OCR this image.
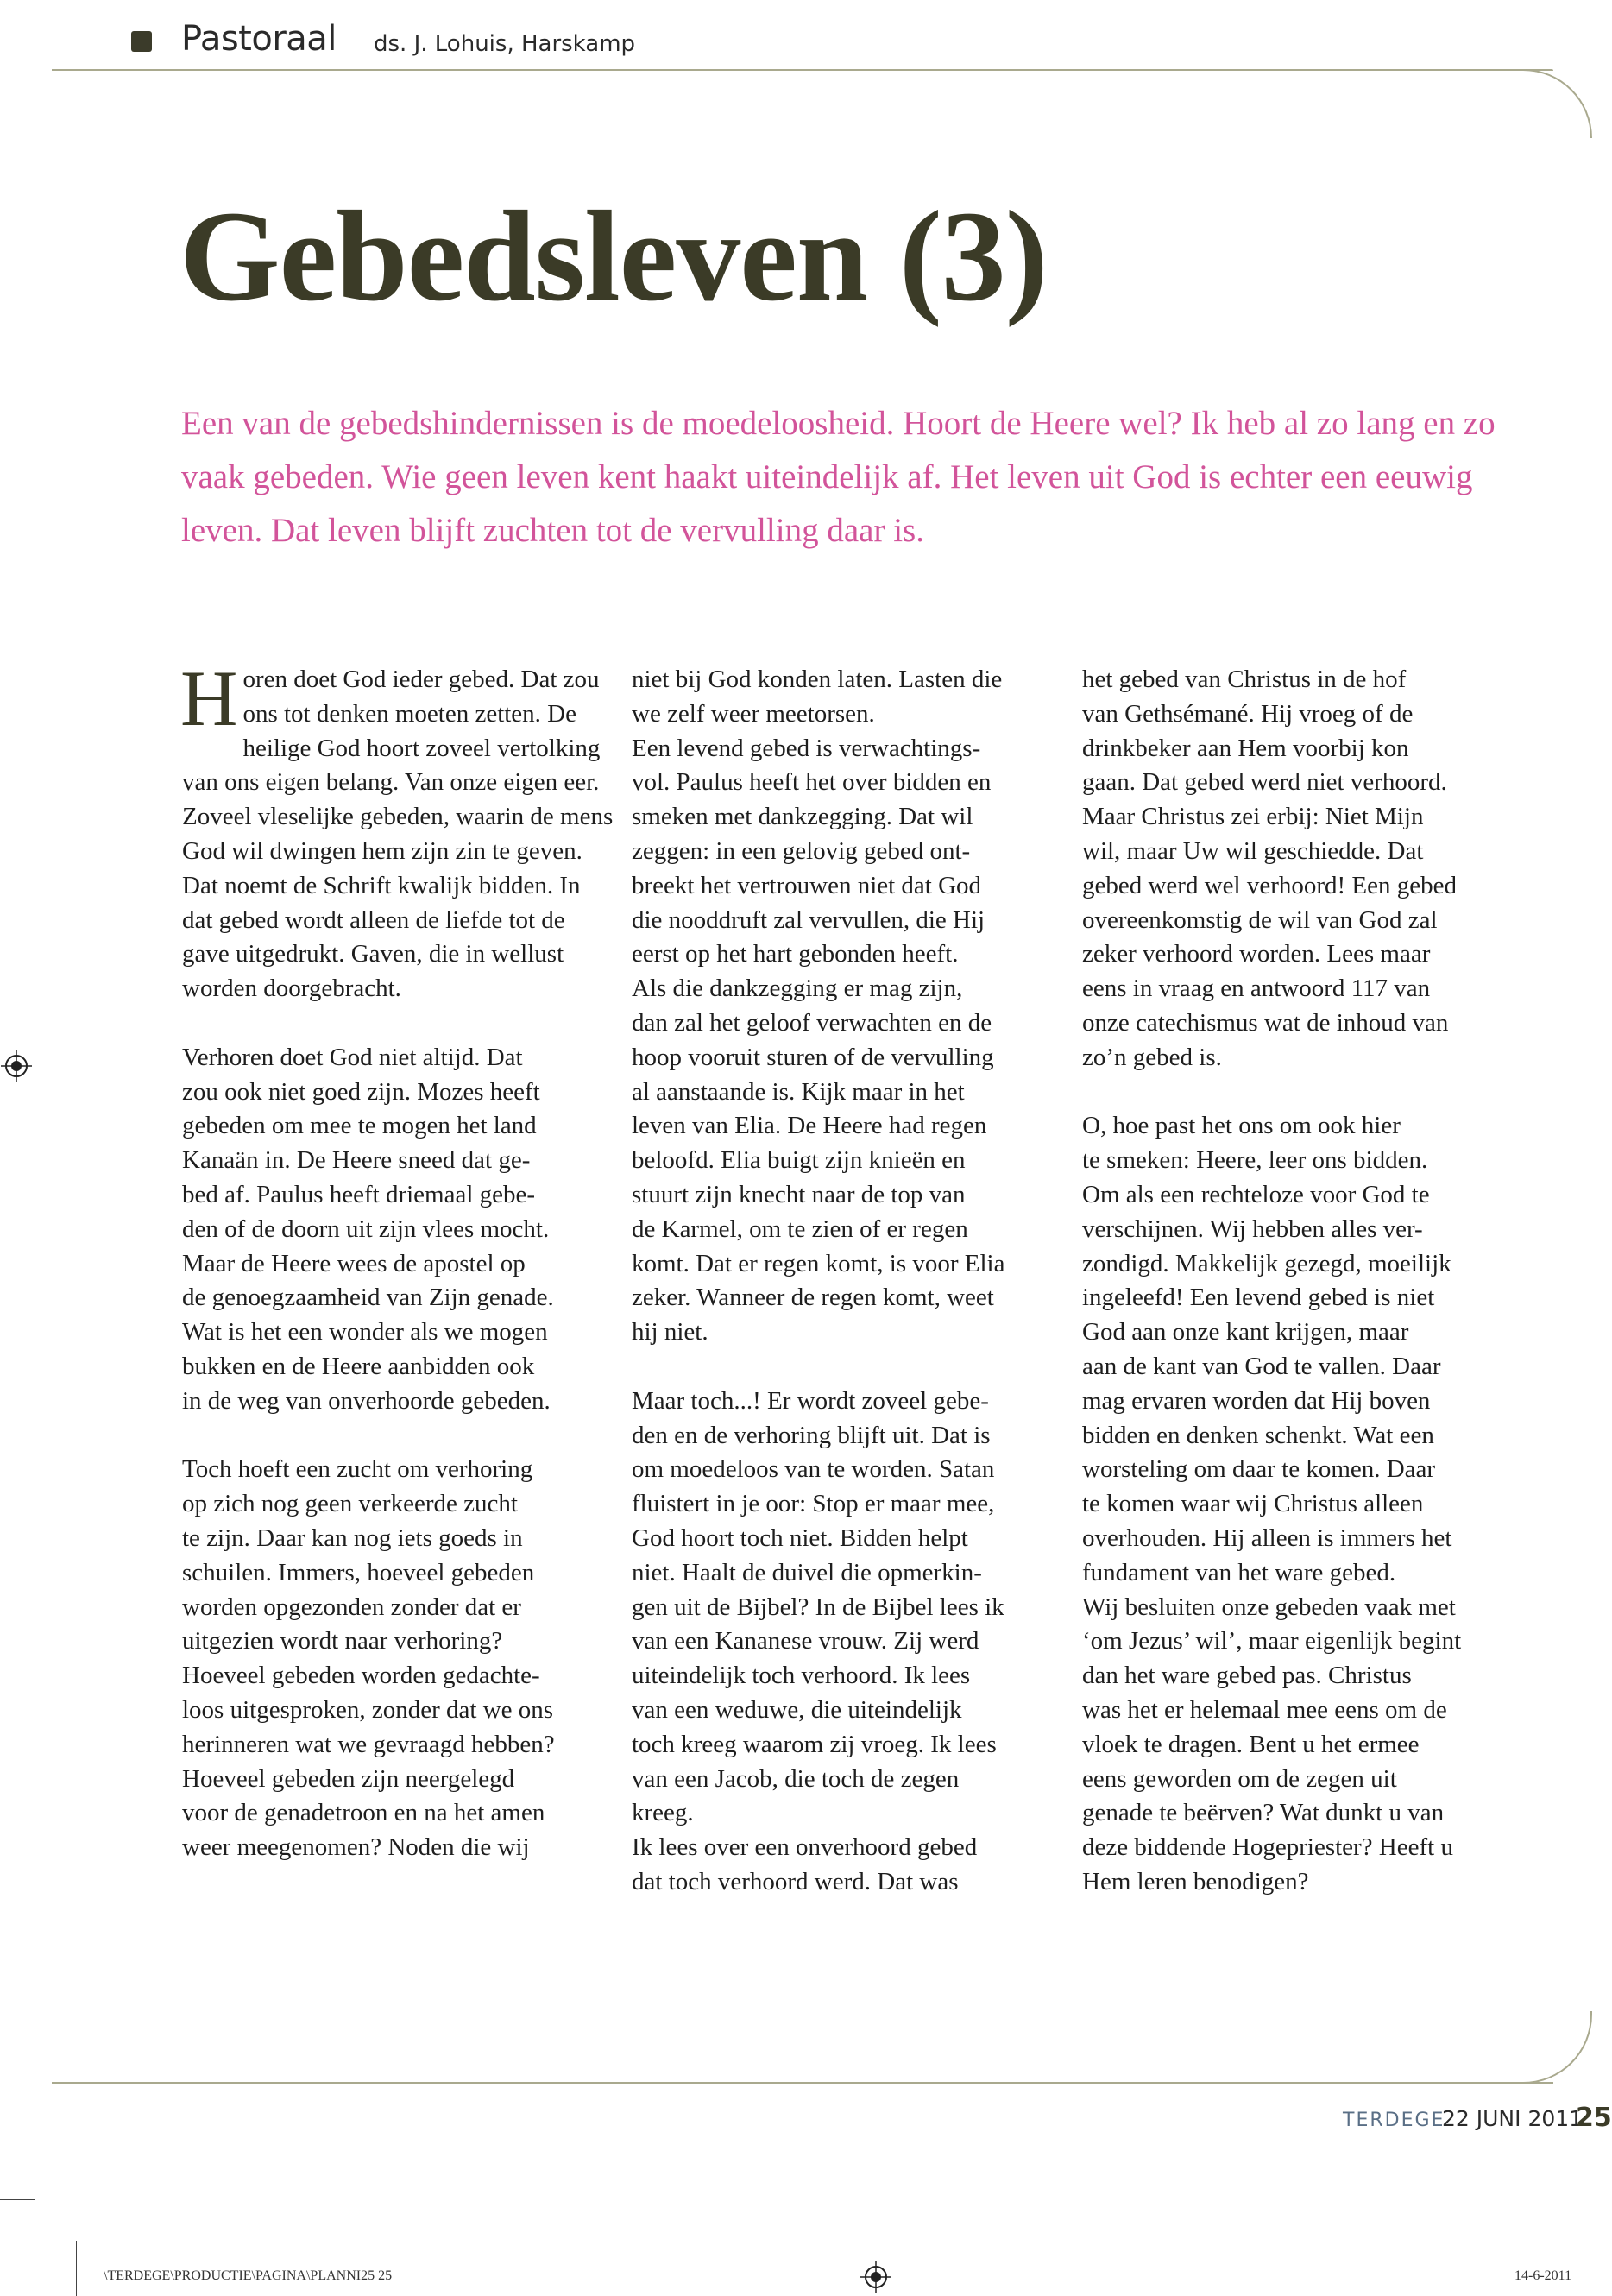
Pastoraal ds. J. Lohuis, Harskamp
Gebedsleven (3)

Een van de gebedshindernissen is de moedeloosheid. Hoort de Heere wel? Ik heb al zo lang en zo vaak gebeden. Wie geen leven kent haakt uiteindelijk af. Het leven uit God is echter een eeuwig leven. Dat leven blijft zuchten tot de vervulling daar is.

Horen doet God ieder gebed. Dat zou ons tot denken moeten zetten. De heilige God hoort zoveel vertolking van ons eigen belang. Van onze eigen eer. Zoveel vleselijke gebeden, waarin de mens God wil dwingen hem zijn zin te geven. Dat noemt de Schrift kwalijk bidden. In dat gebed wordt alleen de liefde tot de gave uitgedrukt. Gaven, die in wellust worden doorgebracht.

Verhoren doet God niet altijd. Dat
zou ook niet goed zijn. Mozes heeft
gebeden om mee te mogen het land
Kanaän in. De Heere sneed dat ge-
bed af. Paulus heeft driemaal gebe-
den of de doorn uit zijn vlees mocht.
Maar de Heere wees de apostel op
de genoegzaamheid van Zijn genade.
Wat is het een wonder als we mogen
bukken en de Heere aanbidden ook
in de weg van onverhoorde gebeden.

Toch hoeft een zucht om verhoring
op zich nog geen verkeerde zucht
te zijn. Daar kan nog iets goeds in
schuilen. Immers, hoeveel gebeden
worden opgezonden zonder dat er
uitgezien wordt naar verhoring?
Hoeveel gebeden worden gedachte-
loos uitgesproken, zonder dat we ons
herinneren wat we gevraagd hebben?
Hoeveel gebeden zijn neergelegd
voor de genadetroon en na het amen
weer meegenomen? Noden die wij

niet bij God konden laten. Lasten die
we zelf weer meetorsen.

Een levend gebed is verwachtings-
vol. Paulus heeft het over bidden en
smeken met dankzegging. Dat wil
zeggen: in een gelovig gebed ont-
breekt het vertrouwen niet dat God
die nooddruft zal vervullen, die Hij
eerst op het hart gebonden heeft.

Als die dankzegging er mag zijn,
dan zal het geloof verwachten en de
hoop vooruit sturen of de vervulling
al aanstaande is. Kijk maar in het
leven van Elia. De Heere had regen
beloofd. Elia buigt zijn knieën en
stuurt zijn knecht naar de top van
de Karmel, om te zien of er regen
komt. Dat er regen komt, is voor Elia
zeker. Wanneer de regen komt, weet
hij niet.

Maar toch...! Er wordt zoveel gebe-
den en de verhoring blijft uit. Dat is
om moedeloos van te worden. Satan
fluistert in je oor: Stop er maar mee,
God hoort toch niet. Bidden helpt
niet. Haalt de duivel die opmerkin-
gen uit de Bijbel? In de Bijbel lees ik
van een Kananese vrouw. Zij werd
uiteindelijk toch verhoord. Ik lees
van een weduwe, die uiteindelijk
toch kreeg waarom zij vroeg. Ik lees
van een Jacob, die toch de zegen
kreeg.

Ik lees over een onverhoord gebed
dat toch verhoord werd. Dat was

het gebed van Christus in de hof
van Gethsémané. Hij vroeg of de
drinkbeker aan Hem voorbij kon
gaan. Dat gebed werd niet verhoord.
Maar Christus zei erbij: Niet Mijn
wil, maar Uw wil geschiedde. Dat
gebed werd wel verhoord! Een gebed
overeenkomstig de wil van God zal
zeker verhoord worden. Lees maar
eens in vraag en antwoord 117 van
onze catechismus wat de inhoud van
zo’n gebed is.

O, hoe past het ons om ook hier
te smeken: Heere, leer ons bidden.
Om als een rechteloze voor God te
verschijnen. Wij hebben alles ver-
zondigd. Makkelijk gezegd, moeilijk
ingeleefd! Een levend gebed is niet
God aan onze kant krijgen, maar
aan de kant van God te vallen. Daar
mag ervaren worden dat Hij boven
bidden en denken schenkt. Wat een
worsteling om daar te komen. Daar
te komen waar wij Christus alleen
overhouden. Hij alleen is immers het
fundament van het ware gebed.

Wij besluiten onze gebeden vaak met
‘om Jezus’ wil’, maar eigenlijk begint
dan het ware gebed pas. Christus
was het er helemaal mee eens om de
vloek te dragen. Bent u het ermee
eens geworden om de zegen uit
genade te beërven? Wat dunkt u van
deze biddende Hogepriester? Heeft u
Hem leren benodigen?

TERDEGE
22 JUNI 2011
25
\TERDEGE\PRODUCTIE\PAGINA\PLANNI25 25	14-6-2011
